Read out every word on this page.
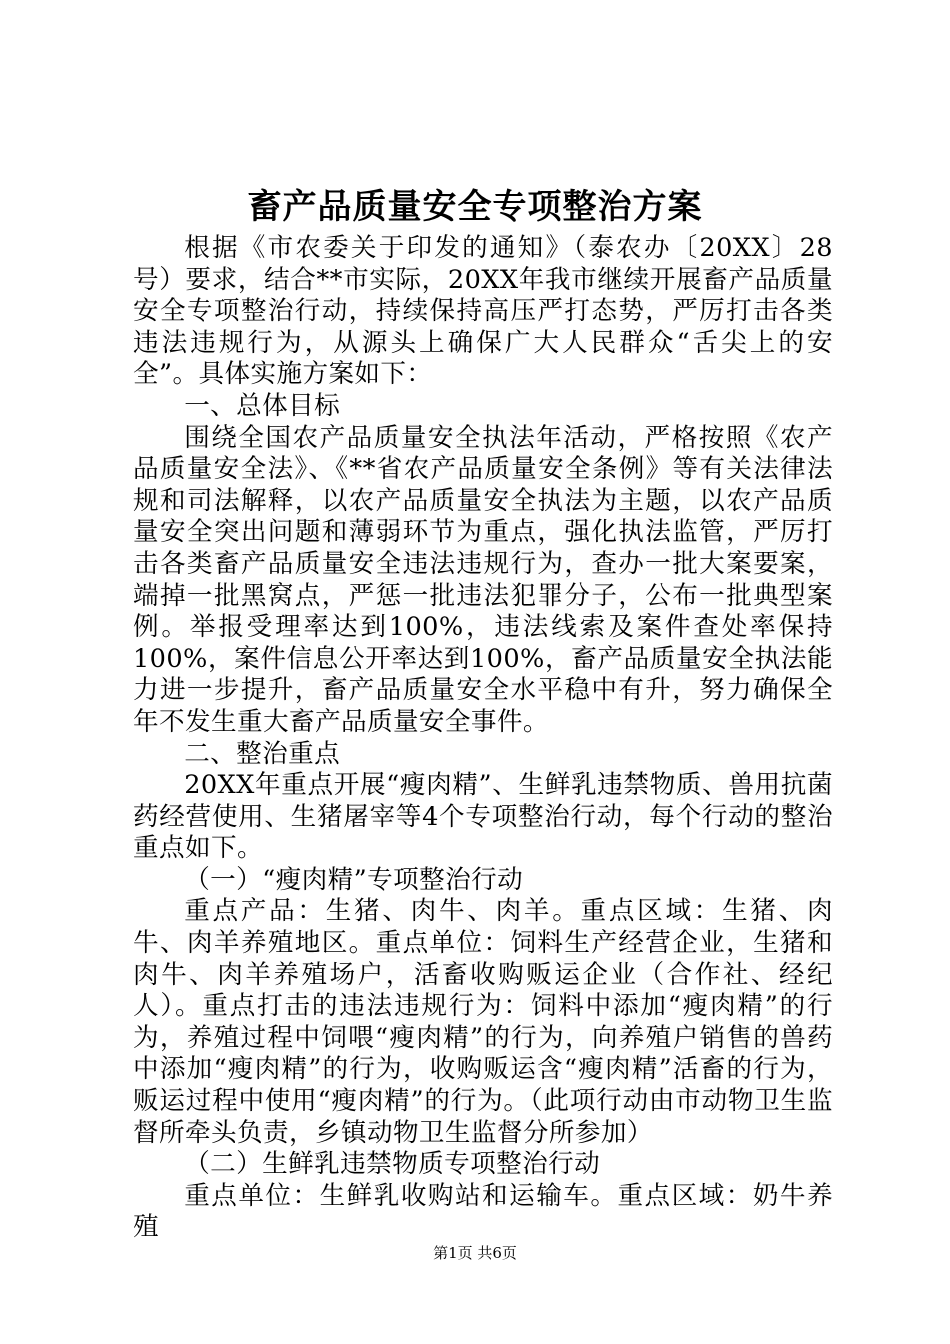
畜产品质量安全专项整治方案

根据《市农委关于印发的通知》（泰农办〔20XX〕28号）要求，结合**市实际，20XX年我市继续开展畜产品质量安全专项整治行动，持续保持高压严打态势，严厉打击各类违法违规行为，从源头上确保广大人民群众“舌尖上的安全”。具体实施方案如下：

一、总体目标

围绕全国农产品质量安全执法年活动，严格按照《农产品质量安全法》、《**省农产品质量安全条例》等有关法律法规和司法解释，以农产品质量安全执法为主题，以农产品质量安全突出问题和薄弱环节为重点，强化执法监管，严厉打击各类畜产品质量安全违法违规行为，查办一批大案要案，端掉一批黑窝点，严惩一批违法犯罪分子，公布一批典型案例。举报受理率达到100%，违法线索及案件查处率保持100%，案件信息公开率达到100%，畜产品质量安全执法能力进一步提升，畜产品质量安全水平稳中有升，努力确保全年不发生重大畜产品质量安全事件。

二、整治重点

20XX年重点开展“瘦肉精”、生鲜乳违禁物质、兽用抗菌药经营使用、生猪屠宰等4个专项整治行动，每个行动的整治重点如下。

（一）“瘦肉精”专项整治行动

重点产品：生猪、肉牛、肉羊。重点区域：生猪、肉牛、肉羊养殖地区。重点单位：饲料生产经营企业，生猪和肉牛、肉羊养殖场户，活畜收购贩运企业（合作社、经纪人）。重点打击的违法违规行为：饲料中添加“瘦肉精”的行为，养殖过程中饲喂“瘦肉精”的行为，向养殖户销售的兽药中添加“瘦肉精”的行为，收购贩运含“瘦肉精”活畜的行为，贩运过程中使用“瘦肉精”的行为。（此项行动由市动物卫生监督所牵头负责，乡镇动物卫生监督分所参加）

（二）生鲜乳违禁物质专项整治行动

重点单位：生鲜乳收购站和运输车。重点区域：奶牛养殖

第1页 共6页
